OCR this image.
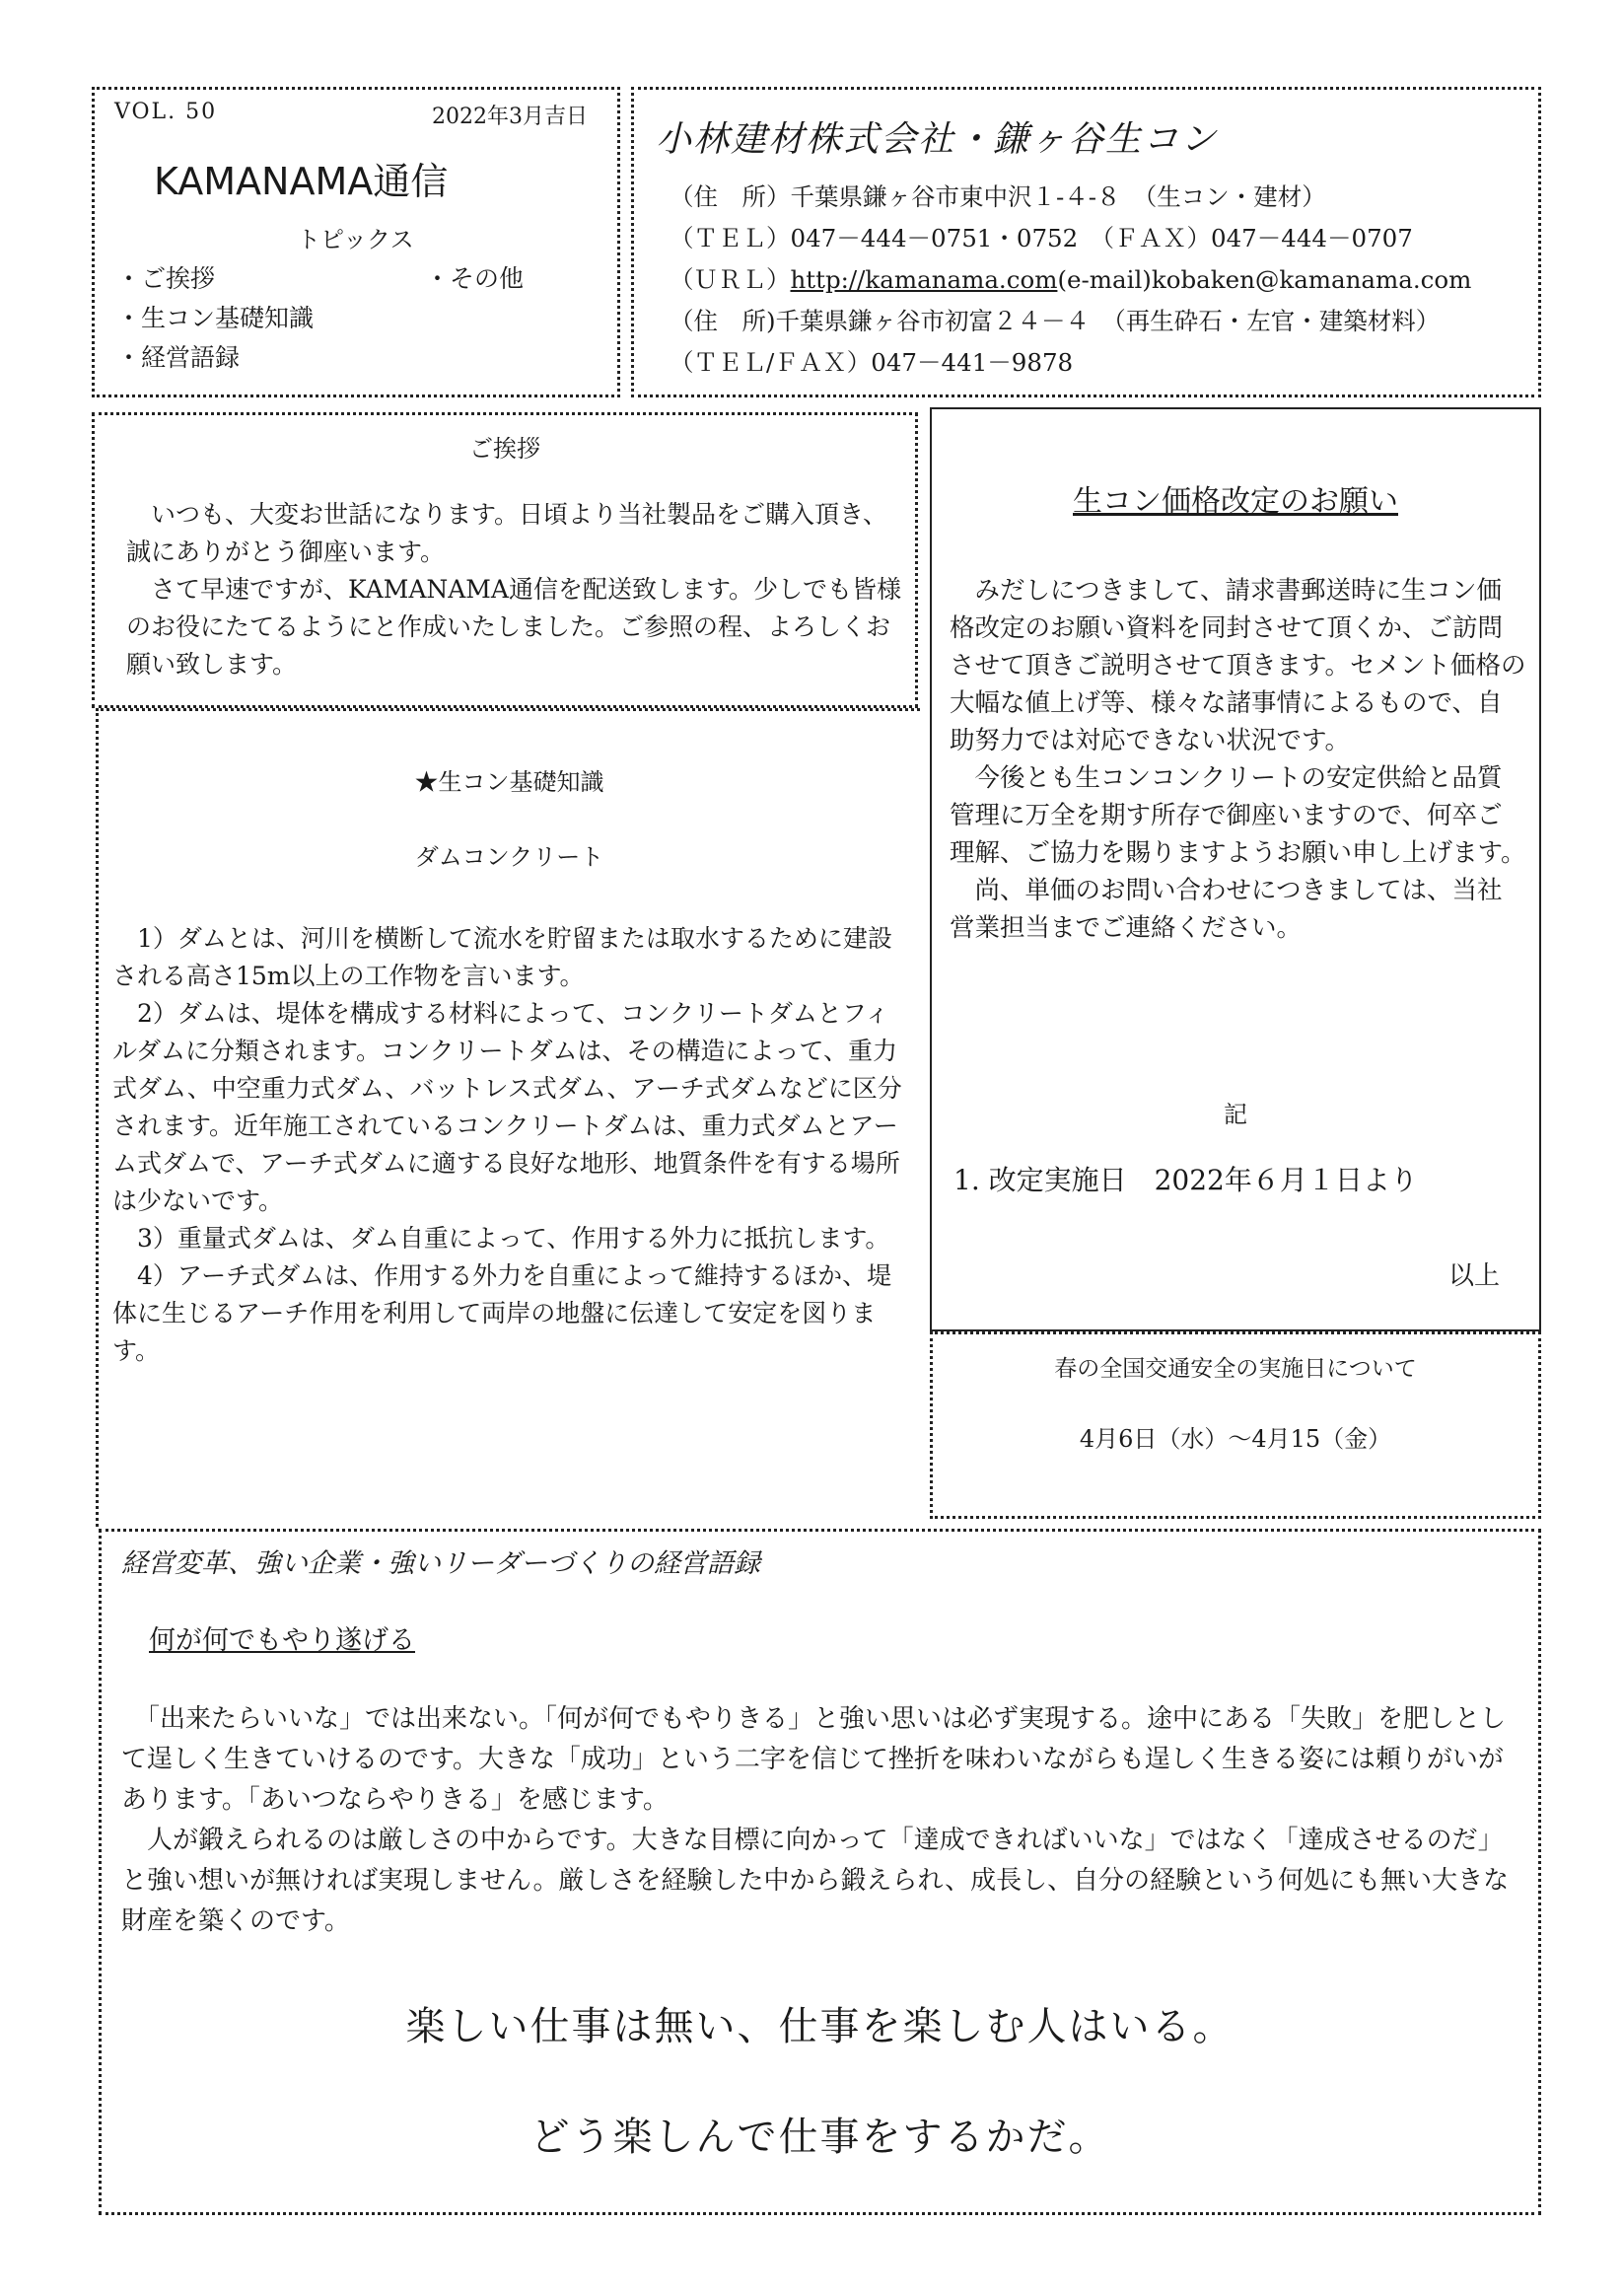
VOL. 50	2022年3月吉日
KAMANAMA通信
トピックス
・ご挨拶	・その他
・生コン基礎知識
・経営語録
小林建材株式会社・鎌ヶ谷生コン
（住　所）千葉県鎌ヶ谷市東中沢１-４-８　（生コン・建材）
（ＴＥＬ）047－444－0751・0752　（ＦＡＸ）047－444－0707
（ＵＲＬ）http://kamanama.com(e-mail)kobaken@kamanama.com
（住　所)千葉県鎌ヶ谷市初富２４－４　（再生砕石・左官・建築材料）
（ＴＥＬ/ＦＡＸ）047－441－9878
ご挨拶
　いつも、大変お世話になります。日頃より当社製品をご購入頂き、誠にありがとう御座います。
　さて早速ですが、KAMANAMA通信を配送致します。少しでも皆様のお役にたてるようにと作成いたしました。ご参照の程、よろしくお願い致します。
★生コン基礎知識
ダムコンクリート
　1）ダムとは、河川を横断して流水を貯留または取水するために建設される高さ15m以上の工作物を言います。
　2）ダムは、堤体を構成する材料によって、コンクリートダムとフィルダムに分類されます。コンクリートダムは、その構造によって、重力式ダム、中空重力式ダム、バットレス式ダム、アーチ式ダムなどに区分されます。近年施工されているコンクリートダムは、重力式ダムとアーム式ダムで、アーチ式ダムに適する良好な地形、地質条件を有する場所は少ないです。
　3）重量式ダムは、ダム自重によって、作用する外力に抵抗します。
　4）アーチ式ダムは、作用する外力を自重によって維持するほか、堤体に生じるアーチ作用を利用して両岸の地盤に伝達して安定を図ります。
生コン価格改定のお願い
　みだしにつきまして、請求書郵送時に生コン価格改定のお願い資料を同封させて頂くか、ご訪問させて頂きご説明させて頂きます。セメント価格の大幅な値上げ等、様々な諸事情によるもので、自助努力では対応できない状況です。
　今後とも生コンコンクリートの安定供給と品質管理に万全を期す所存で御座いますので、何卒ご理解、ご協力を賜りますようお願い申し上げます。
　尚、単価のお問い合わせにつきましては、当社営業担当までご連絡ください。
記
1. 改定実施日　2022年６月１日より
以上
春の全国交通安全の実施日について
4月6日（水）～4月15（金）
経営変革、強い企業・強いリーダーづくりの経営語録
何が何でもやり遂げる
　「出来たらいいな」では出来ない。「何が何でもやりきる」と強い思いは必ず実現する。途中にある「失敗」を肥しとして逞しく生きていけるのです。大きな「成功」という二字を信じて挫折を味わいながらも逞しく生きる姿には頼りがいがあります。「あいつならやりきる」を感じます。
　人が鍛えられるのは厳しさの中からです。大きな目標に向かって「達成できればいいな」ではなく「達成させるのだ」と強い想いが無ければ実現しません。厳しさを経験した中から鍛えられ、成長し、自分の経験という何処にも無い大きな財産を築くのです。
楽しい仕事は無い、仕事を楽しむ人はいる。
どう楽しんで仕事をするかだ。
